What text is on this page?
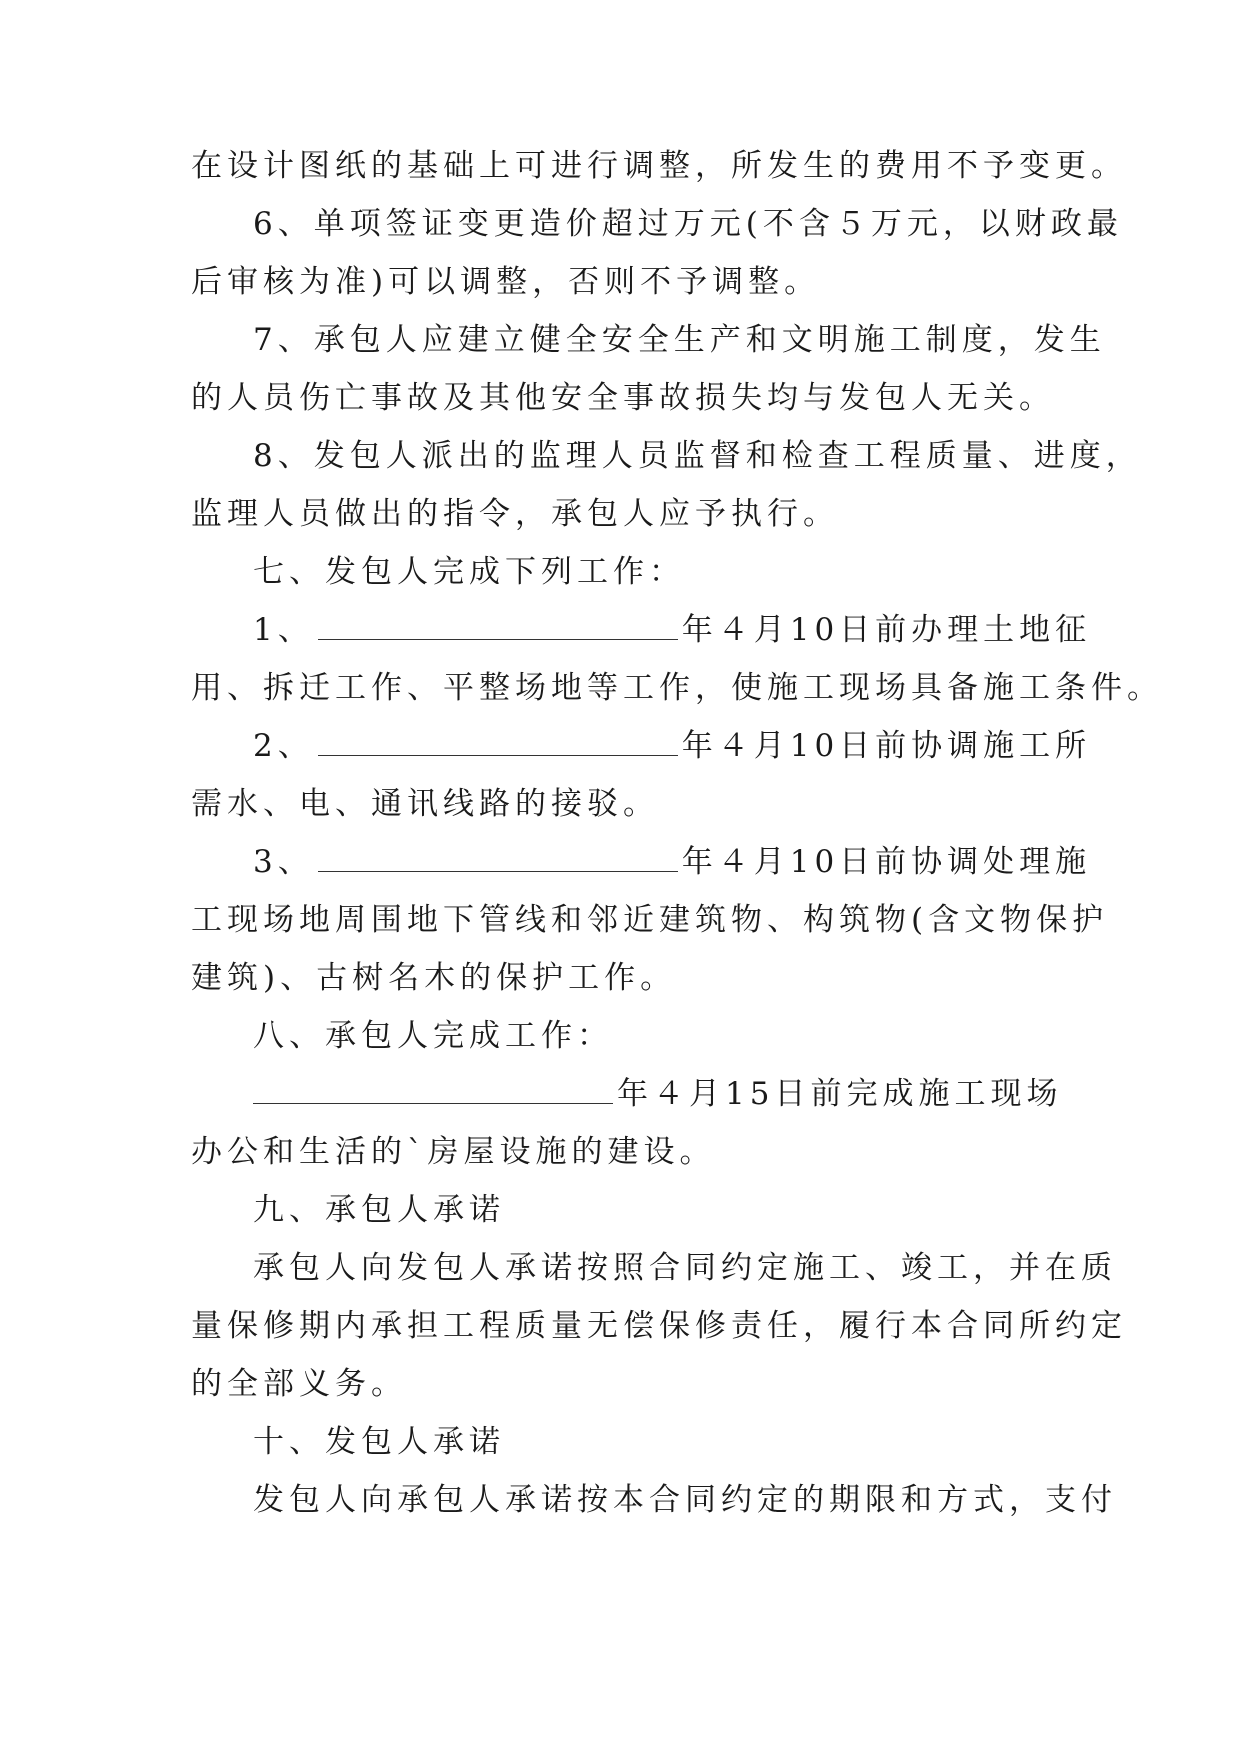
在设计图纸的基础上可进行调整，所发生的费用不予变更。
6、单项签证变更造价超过万元(不含５万元，以财政最
后审核为准)可以调整，否则不予调整。
7、承包人应建立健全安全生产和文明施工制度，发生
的人员伤亡事故及其他安全事故损失均与发包人无关。
8、发包人派出的监理人员监督和检查工程质量、进度，
监理人员做出的指令，承包人应予执行。
七、发包人完成下列工作：
1、	年４月10日前办理土地征
用、拆迁工作、平整场地等工作，使施工现场具备施工条件。
2、	年４月10日前协调施工所
需水、电、通讯线路的接驳。
3、	年４月10日前协调处理施
工现场地周围地下管线和邻近建筑物、构筑物(含文物保护
建筑)、古树名木的保护工作。
八、承包人完成工作：
年４月15日前完成施工现场
办公和生活的`房屋设施的建设。
九、承包人承诺
承包人向发包人承诺按照合同约定施工、竣工，并在质
量保修期内承担工程质量无偿保修责任，履行本合同所约定
的全部义务。
十、发包人承诺
发包人向承包人承诺按本合同约定的期限和方式，支付
